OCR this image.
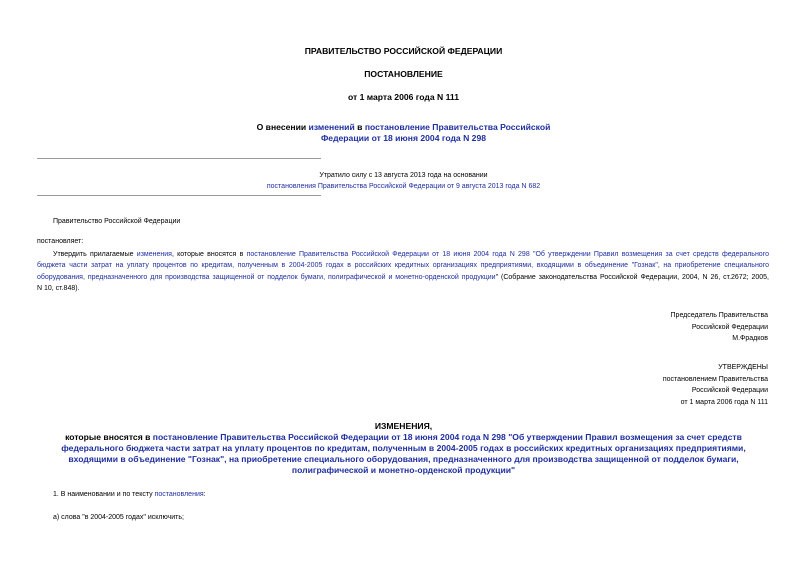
ПРАВИТЕЛЬСТВО РОССИЙСКОЙ ФЕДЕРАЦИИ
ПОСТАНОВЛЕНИЕ
от 1 марта 2006 года N 111
О внесении изменений в постановление Правительства Российской
Федерации от 18 июня 2004 года N 298
Утратило силу с 13 августа 2013 года на основании
постановления Правительства Российской Федерации от 9 августа 2013 года N 682
Правительство Российской Федерации
постановляет:

Утвердить прилагаемые изменения, которые вносятся в постановление Правительства Российской Федерации от 18 июня 2004 года N 298 "Об утверждении Правил возмещения за счет средств федерального

бюджета части затрат на уплату процентов по кредитам, полученным в 2004-2005 годах в российских кредитных организациях предприятиями, входящими в объединение "Гознак", на приобретение специального

оборудования, предназначенного для производства защищенной от подделок бумаги, полиграфической и монетно-орденской продукции" (Собрание законодательства Российской Федерации, 2004, N 26, ст.2672; 2005,

N 10, ст.848).

Председатель Правительства
Российской Федерации
М.Фрадков
УТВЕРЖДЕНЫ
постановлением Правительства
Российской Федерации
от 1 марта 2006 года N 111
ИЗМЕНЕНИЯ,
которые вносятся в постановление Правительства Российской Федерации от 18 июня 2004 года N 298 "Об утверждении Правил возмещения за счет средств
федерального бюджета части затрат на уплату процентов по кредитам, полученным в 2004-2005 годах в российских кредитных организациях предприятиями,
входящими в объединение "Гознак", на приобретение специального оборудования, предназначенного для производства защищенной от подделок бумаги,
полиграфической и монетно-орденской продукции"
1. В наименовании и по тексту постановления:
а) слова "в 2004-2005 годах" исключить;
